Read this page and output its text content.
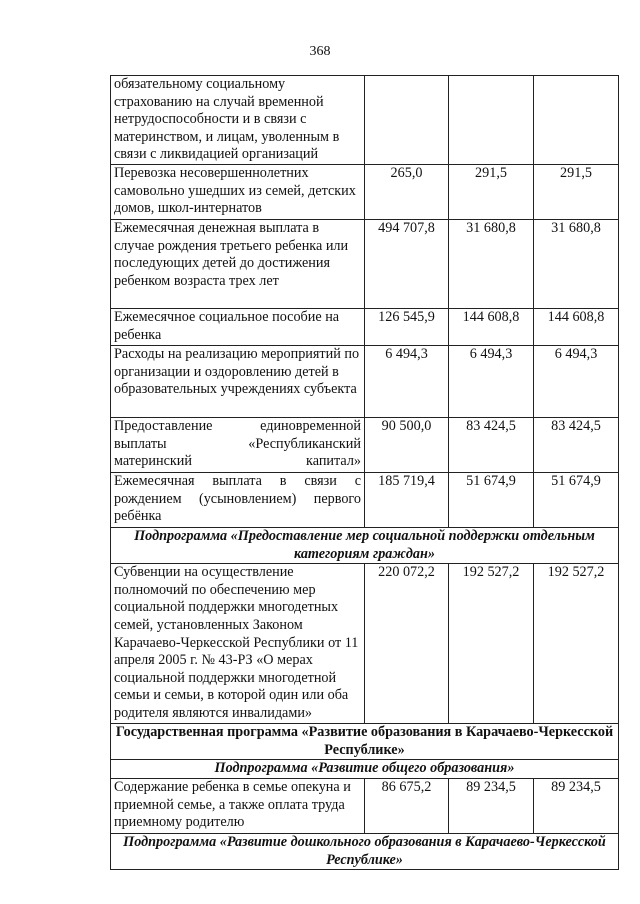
368
обязательному социальному страхованию на случай временной нетрудоспособности и в связи с материнством, и лицам, уволенным в связи с ликвидацией организаций			
Перевозка несовершеннолетних самовольно ушедших из семей, детских домов, школ-интернатов	265,0	291,5	291,5
Ежемесячная денежная выплата в случае рождения третьего ребенка или последующих детей до достижения ребенком возраста трех лет	494 707,8	31 680,8	31 680,8
Ежемесячное социальное пособие на ребенка	126 545,9	144 608,8	144 608,8
Расходы на реализацию мероприятий по организации и оздоровлению детей в образовательных учреждениях субъекта	6 494,3	6 494,3	6 494,3
Предоставление единовременной выплаты «Республиканский материнский капитал»	90 500,0	83 424,5	83 424,5
Ежемесячная выплата в связи с рождением (усыновлением) первого ребёнка	185 719,4	51 674,9	51 674,9
Подпрограмма «Предоставление мер социальной поддержки отдельным категориям граждан»			
Субвенции на осуществление полномочий по обеспечению мер социальной поддержки многодетных семей, установленных Законом Карачаево-Черкесской Республики от 11 апреля 2005 г. № 43-РЗ «О мерах социальной поддержки многодетной семьи и семьи, в которой один или оба родителя являются инвалидами»	220 072,2	192 527,2	192 527,2
Государственная программа «Развитие образования в Карачаево-Черкесской Республике»			
Подпрограмма «Развитие общего образования»			
Содержание ребенка в семье опекуна и приемной семье, а также оплата труда приемному родителю	86 675,2	89 234,5	89 234,5
Подпрограмма «Развитие дошкольного образования в Карачаево-Черкесской Республике»			
